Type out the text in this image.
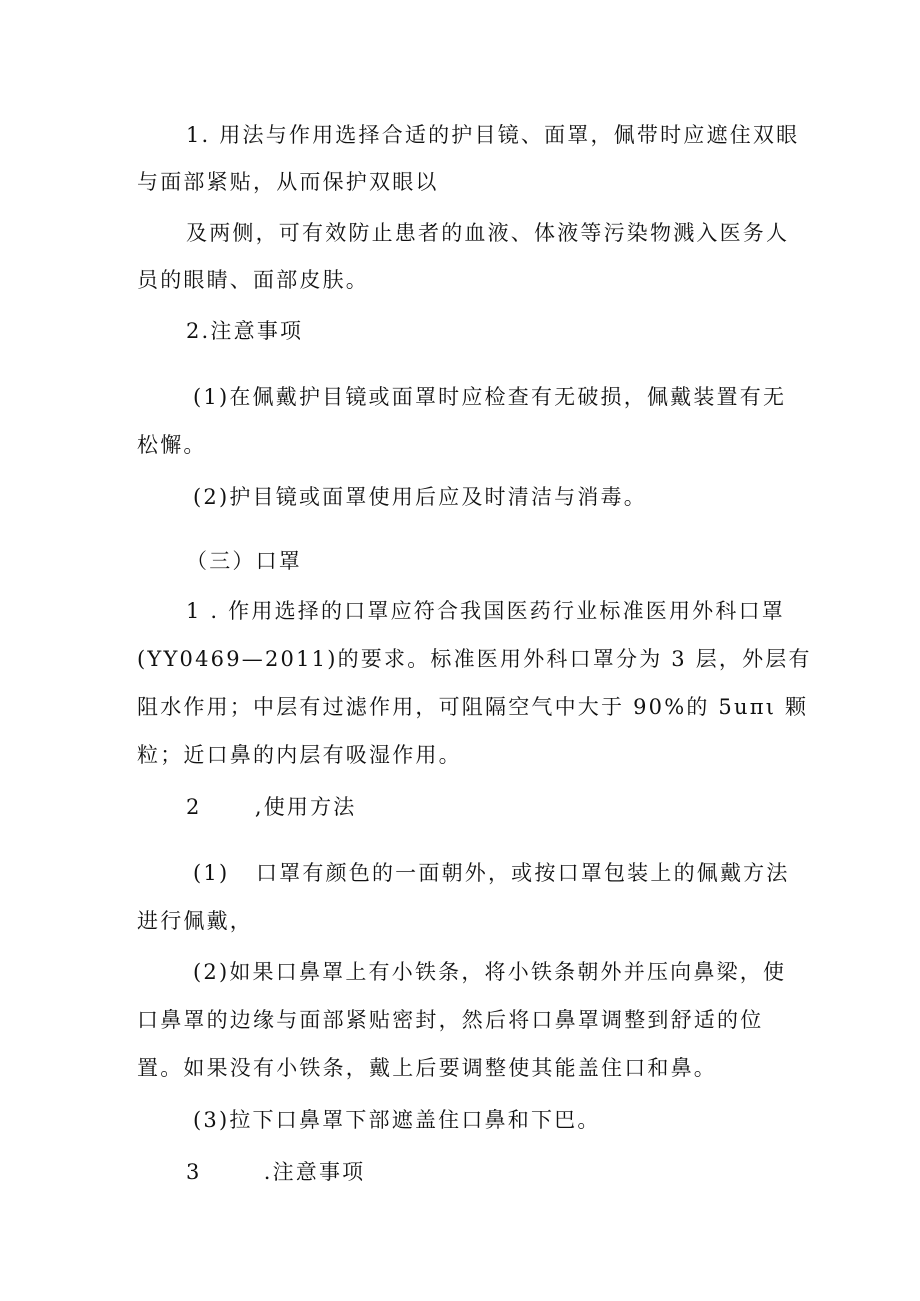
1. 用法与作用选择合适的护目镜、面罩，佩带时应遮住双眼
与面部紧贴，从而保护双眼以
及两侧，可有效防止患者的血液、体液等污染物溅入医务人
员的眼睛、面部皮肤。
2.注意事项
(1)在佩戴护目镜或面罩时应检查有无破损，佩戴装置有无
松懈。
(2)护目镜或面罩使用后应及时清洁与消毒。
（三）口罩
1 . 作用选择的口罩应符合我国医药行业标准医用外科口罩
(YY0469—2011)的要求。标准医用外科口罩分为 3 层，外层有
阻水作用；中层有过滤作用，可阻隔空气中大于 90%的 5uπι 颗
粒；近口鼻的内层有吸湿作用。
2      ,使用方法
(1)   口罩有颜色的一面朝外，或按口罩包装上的佩戴方法
进行佩戴，
(2)如果口鼻罩上有小铁条，将小铁条朝外并压向鼻梁，使
口鼻罩的边缘与面部紧贴密封，然后将口鼻罩调整到舒适的位
置。如果没有小铁条，戴上后要调整使其能盖住口和鼻。
(3)拉下口鼻罩下部遮盖住口鼻和下巴。
3       .注意事项
